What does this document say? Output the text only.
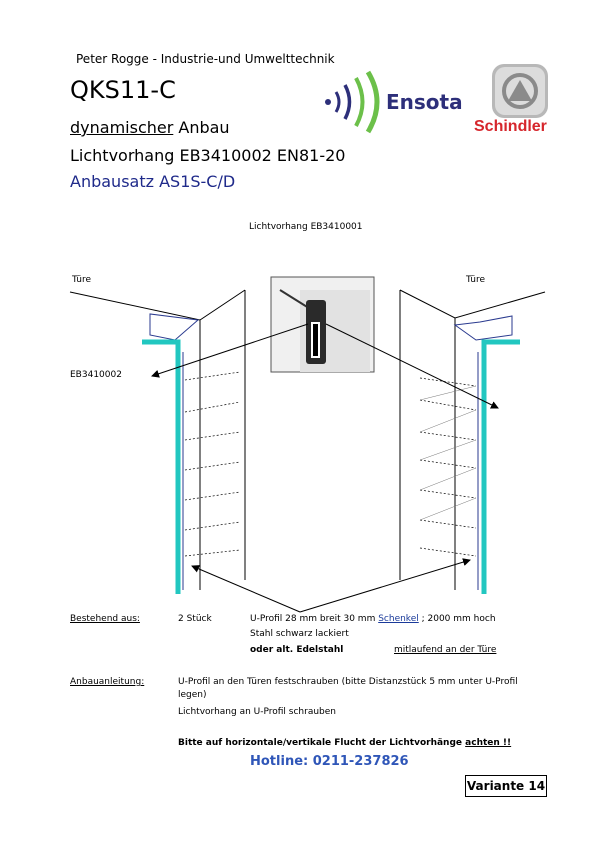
Peter Rogge - Industrie-und Umwelttechnik
QKS11-C
dynamischer Anbau
Lichtvorhang EB3410002 EN81-20
Anbausatz AS1S-C/D
Ensota
Schindler
Lichtvorhang EB3410001
Türe	Türe
EB3410002
Bestehend aus:	2 Stück	U-Profil 28 mm breit 30 mm Schenkel ; 2000 mm hoch
Stahl schwarz lackiert
oder alt. Edelstahl	mitlaufend an der Türe
Anbauanleitung:	U-Profil an den Türen festschrauben (bitte Distanzstück 5 mm unter U-Profil
legen)
Lichtvorhang an U-Profil schrauben
Bitte auf horizontale/vertikale Flucht der Lichtvorhänge achten !!
Hotline: 0211-237826
Variante 14
